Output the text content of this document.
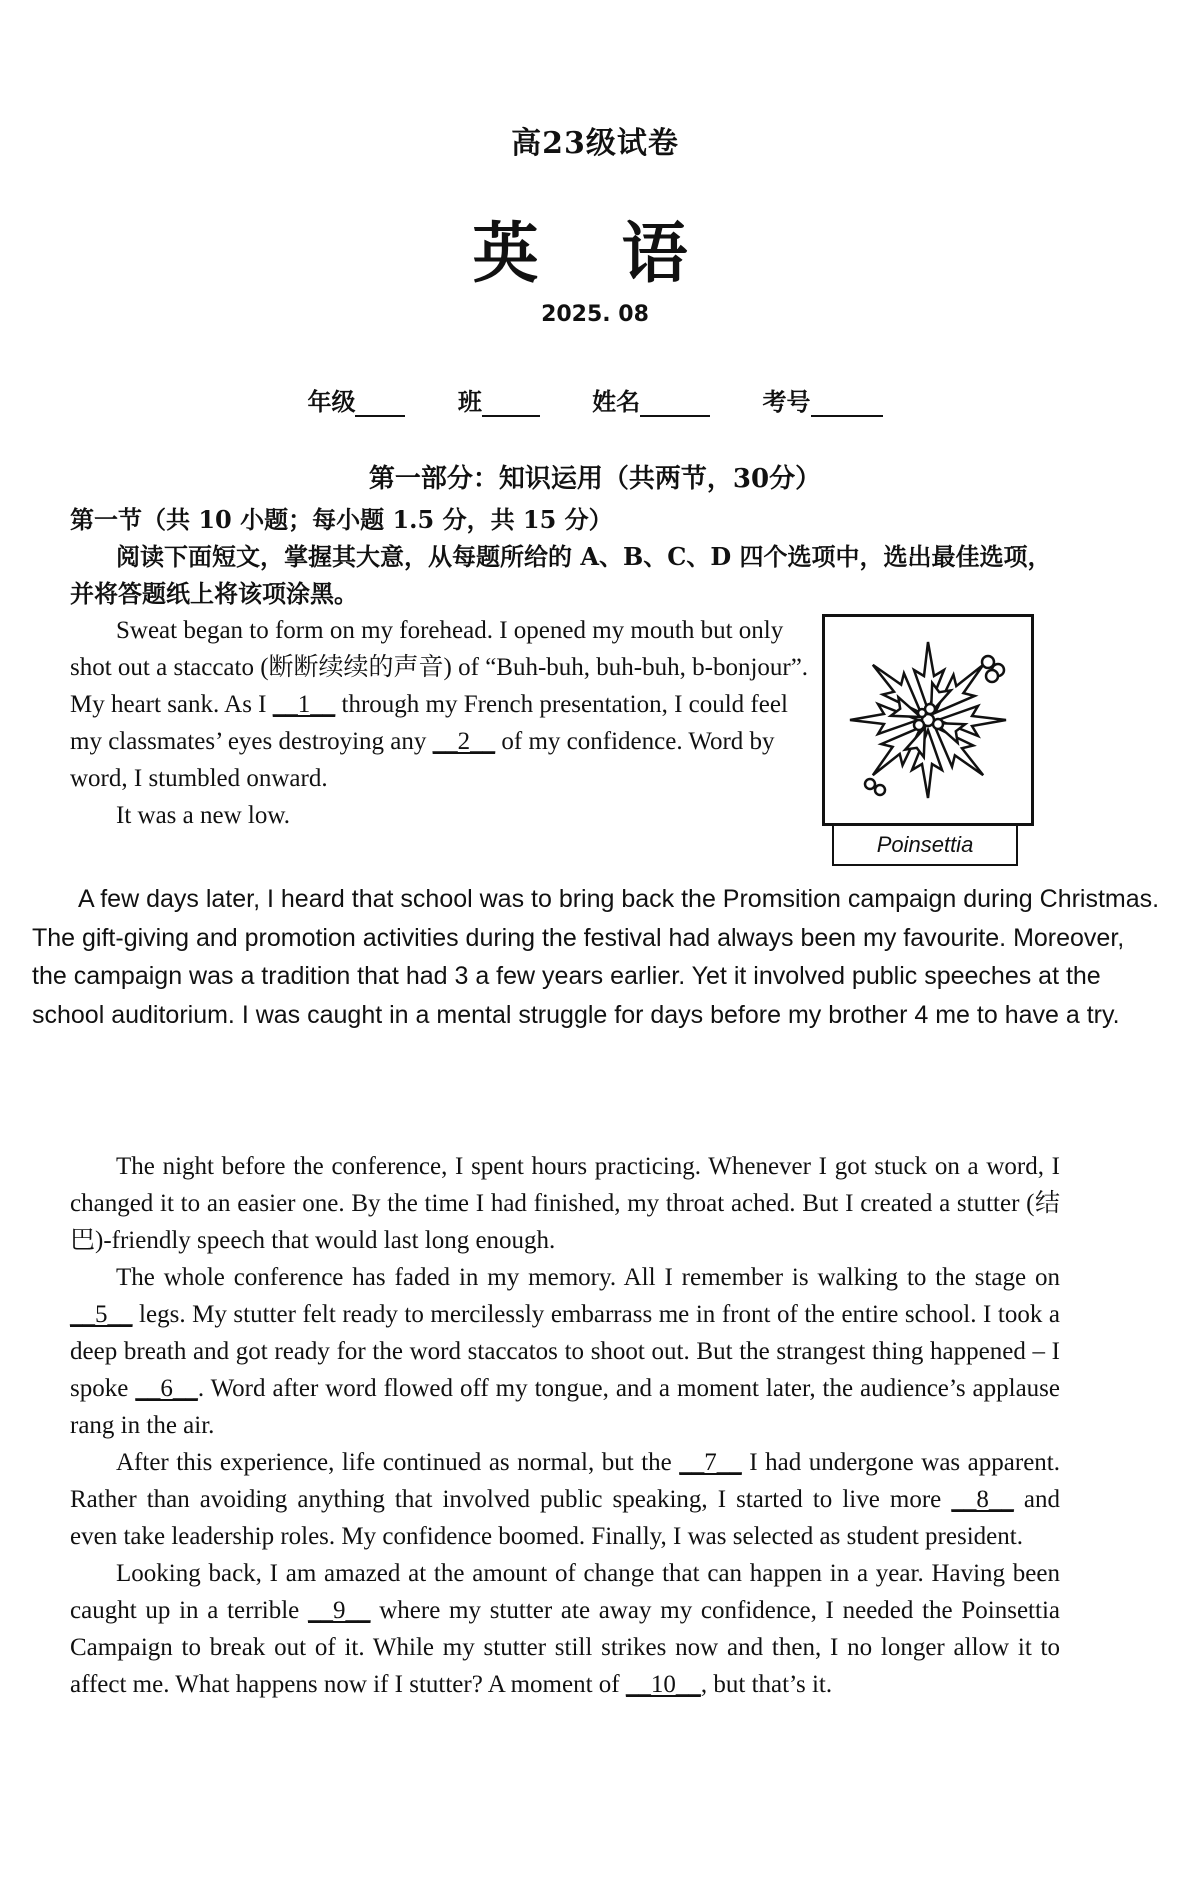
高23级试卷
英 语
2025. 08
年级	班	姓名	考号
第一部分：知识运用（共两节，30分）
第一节（共 10 小题；每小题 1.5 分，共 15 分）
阅读下面短文，掌握其大意，从每题所给的 A、B、C、D 四个选项中，选出最佳选项，并将答题纸上将该项涂黑。

Sweat began to form on my forehead. I opened my mouth but only shot out a staccato (断断续续的声音) of “Buh-buh, buh-buh, b-bonjour”. My heart sank. As I __1__ through my French presentation, I could feel my classmates’ eyes destroying any __2__ of my confidence. Word by word, I stumbled onward.

It was a new low.

Poinsettia

A few days later, I heard that school was to bring back the Promsition campaign during Christmas. The gift-giving and promotion activities during the festival had always been my favourite. Moreover, the campaign was a tradition that had 3 a few years earlier. Yet it involved public speeches at the school auditorium. I was caught in a mental struggle for days before my brother 4 me to have a try.

The night before the conference, I spent hours practicing. Whenever I got stuck on a word, I changed it to an easier one. By the time I had finished, my throat ached. But I created a stutter (结巴)-friendly speech that would last long enough.

The whole conference has faded in my memory. All I remember is walking to the stage on __5__ legs. My stutter felt ready to mercilessly embarrass me in front of the entire school. I took a deep breath and got ready for the word staccatos to shoot out. But the strangest thing happened – I spoke __6__. Word after word flowed off my tongue, and a moment later, the audience’s applause rang in the air.

After this experience, life continued as normal, but the __7__ I had undergone was apparent. Rather than avoiding anything that involved public speaking, I started to live more __8__ and even take leadership roles. My confidence boomed. Finally, I was selected as student president.

Looking back, I am amazed at the amount of change that can happen in a year. Having been caught up in a terrible __9__ where my stutter ate away my confidence, I needed the Poinsettia Campaign to break out of it. While my stutter still strikes now and then, I no longer allow it to affect me. What happens now if I stutter? A moment of __10__, but that’s it.
